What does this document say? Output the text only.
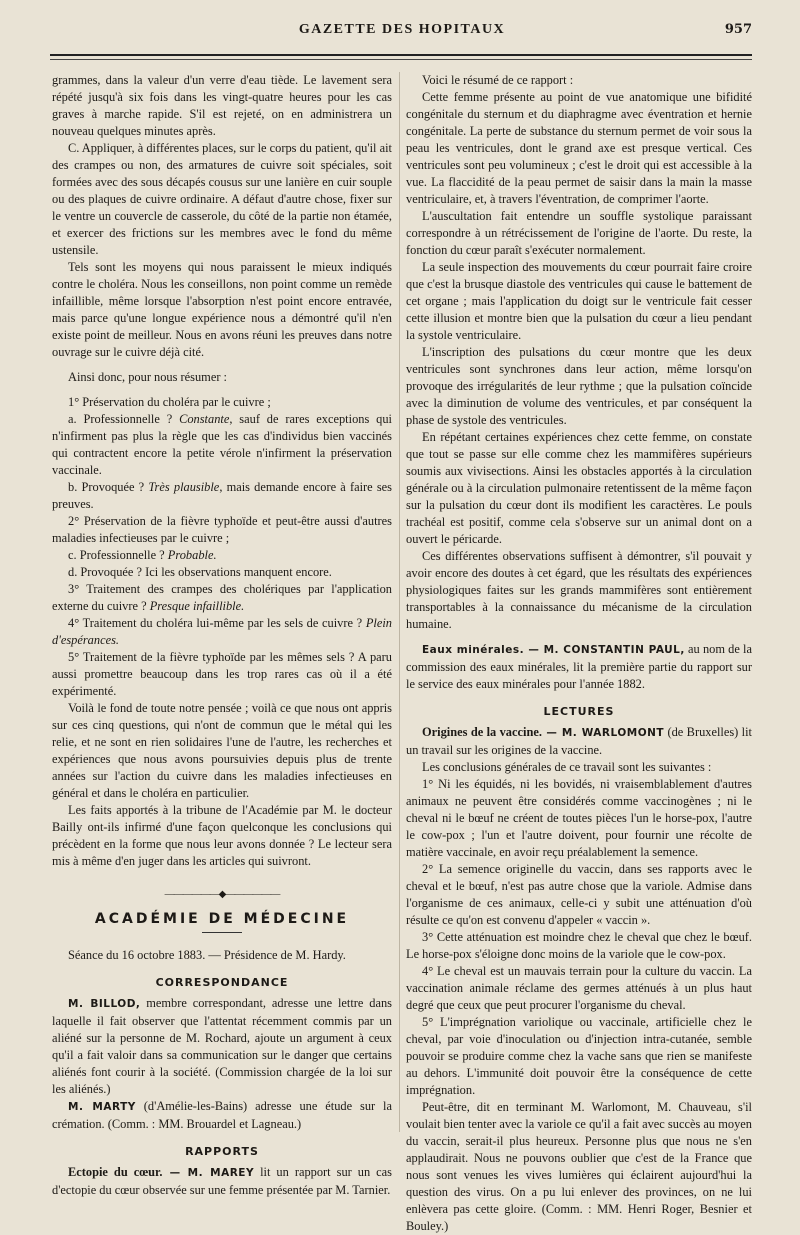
GAZETTE DES HOPITAUX	957

grammes, dans la valeur d'un verre d'eau tiède. Le lavement sera répété jusqu'à six fois dans les vingt-quatre heures pour les cas graves à marche rapide. S'il est rejeté, on en administrera un nouveau quelques minutes après.

C. Appliquer, à différentes places, sur le corps du patient, qu'il ait des crampes ou non, des armatures de cuivre soit spéciales, soit formées avec des sous décapés cousus sur une lanière en cuir souple ou des plaques de cuivre ordinaire. A défaut d'autre chose, fixer sur le ventre un couvercle de casserole, du côté de la partie non étamée, et exercer des frictions sur les membres avec le fond du même ustensile.

Tels sont les moyens qui nous paraissent le mieux indiqués contre le choléra. Nous les conseillons, non point comme un remède infaillible, même lorsque l'absorption n'est point encore entravée, mais parce qu'une longue expérience nous a démontré qu'il n'en existe point de meilleur. Nous en avons réuni les preuves dans notre ouvrage sur le cuivre déjà cité.

Ainsi donc, pour nous résumer :

1° Préservation du choléra par le cuivre ;

a. Professionnelle ? Constante, sauf de rares exceptions qui n'infirment pas plus la règle que les cas d'individus bien vaccinés qui contractent encore la petite vérole n'infirment la préservation vaccinale.

b. Provoquée ? Très plausible, mais demande encore à faire ses preuves.

2° Préservation de la fièvre typhoïde et peut-être aussi d'autres maladies infectieuses par le cuivre ;

c. Professionnelle ? Probable.

d. Provoquée ? Ici les observations manquent encore.

3° Traitement des crampes des cholériques par l'application externe du cuivre ? Presque infaillible.

4° Traitement du choléra lui-même par les sels de cuivre ? Plein d'espérances.

5° Traitement de la fièvre typhoïde par les mêmes sels ? A paru aussi promettre beaucoup dans les trop rares cas où il a été expérimenté.

Voilà le fond de toute notre pensée ; voilà ce que nous ont appris sur ces cinq questions, qui n'ont de commun que le métal qui les relie, et ne sont en rien solidaires l'une de l'autre, les recherches et expériences que nous avons poursuivies depuis plus de trente années sur l'action du cuivre dans les maladies infectieuses en général et dans le choléra en particulier.

Les faits apportés à la tribune de l'Académie par M. le docteur Bailly ont-ils infirmé d'une façon quelconque les conclusions qui précèdent en la forme que nous leur avons donnée ? Le lecteur sera mis à même d'en juger dans les articles qui suivront.

——————◆——————
ACADÉMIE DE MÉDECINE

Séance du 16 octobre 1883. — Présidence de M. Hardy.

CORRESPONDANCE

M. BILLOD, membre correspondant, adresse une lettre dans laquelle il fait observer que l'attentat récemment commis par un aliéné sur la personne de M. Rochard, ajoute un argument à ceux qu'il a fait valoir dans sa communication sur le danger que certains aliénés font courir à la société. (Commission chargée de la loi sur les aliénés.)

M. MARTY (d'Amélie-les-Bains) adresse une étude sur la crémation. (Comm. : MM. Brouardel et Lagneau.)

RAPPORTS

Ectopie du cœur. — M. MAREY lit un rapport sur un cas d'ectopie du cœur observée sur une femme présentée par M. Tarnier.

Voici le résumé de ce rapport :

Cette femme présente au point de vue anatomique une bifidité congénitale du sternum et du diaphragme avec éventration et hernie congénitale. La perte de substance du sternum permet de voir sous la peau les ventricules, dont le grand axe est presque vertical. Ces ventricules sont peu volumineux ; c'est le droit qui est accessible à la vue. La flaccidité de la peau permet de saisir dans la main la masse ventriculaire, et, à travers l'éventration, de comprimer l'aorte.

L'auscultation fait entendre un souffle systolique paraissant correspondre à un rétrécissement de l'origine de l'aorte. Du reste, la fonction du cœur paraît s'exécuter normalement.

La seule inspection des mouvements du cœur pourrait faire croire que c'est la brusque diastole des ventricules qui cause le battement de cet organe ; mais l'application du doigt sur le ventricule fait cesser cette illusion et montre bien que la pulsation du cœur a lieu pendant la systole ventriculaire.

L'inscription des pulsations du cœur montre que les deux ventricules sont synchrones dans leur action, même lorsqu'on provoque des irrégularités de leur rythme ; que la pulsation coïncide avec la diminution de volume des ventricules, et par conséquent la phase de systole des ventricules.

En répétant certaines expériences chez cette femme, on constate que tout se passe sur elle comme chez les mammifères supérieurs soumis aux vivisections. Ainsi les obstacles apportés à la circulation générale ou à la circulation pulmonaire retentissent de la même façon sur la pulsation du cœur dont ils modifient les caractères. Le pouls trachéal est positif, comme cela s'observe sur un animal dont on a ouvert le péricarde.

Ces différentes observations suffisent à démontrer, s'il pouvait y avoir encore des doutes à cet égard, que les résultats des expériences physiologiques faites sur les grands mammifères sont entièrement transportables à la connaissance du mécanisme de la circulation humaine.

Eaux minérales. — M. CONSTANTIN PAUL, au nom de la commission des eaux minérales, lit la première partie du rapport sur le service des eaux minérales pour l'année 1882.

LECTURES

Origines de la vaccine. — M. WARLOMONT (de Bruxelles) lit un travail sur les origines de la vaccine.

Les conclusions générales de ce travail sont les suivantes :

1° Ni les équidés, ni les bovidés, ni vraisemblablement d'autres animaux ne peuvent être considérés comme vaccinogènes ; ni le cheval ni le bœuf ne créent de toutes pièces l'un le horse-pox, l'autre le cow-pox ; l'un et l'autre doivent, pour fournir une récolte de matière vaccinale, en avoir reçu préalablement la semence.

2° La semence originelle du vaccin, dans ses rapports avec le cheval et le bœuf, n'est pas autre chose que la variole. Admise dans l'organisme de ces animaux, celle-ci y subit une atténuation d'où résulte ce qu'on est convenu d'appeler « vaccin ».

3° Cette atténuation est moindre chez le cheval que chez le bœuf. Le horse-pox s'éloigne donc moins de la variole que le cow-pox.

4° Le cheval est un mauvais terrain pour la culture du vaccin. La vaccination animale réclame des germes atténués à un plus haut degré que ceux que peut procurer l'organisme du cheval.

5° L'imprégnation variolique ou vaccinale, artificielle chez le cheval, par voie d'inoculation ou d'injection intra-cutanée, semble pouvoir se produire comme chez la vache sans que rien se manifeste au dehors. L'immunité doit pouvoir être la conséquence de cette imprégnation.

Peut-être, dit en terminant M. Warlomont, M. Chauveau, s'il voulait bien tenter avec la variole ce qu'il a fait avec succès au moyen du vaccin, serait-il plus heureux. Personne plus que nous ne s'en applaudirait. Nous ne pouvons oublier que c'est de la France que nous sont venues les vives lumières qui éclairent aujourd'hui la question des virus. On a pu lui enlever des provinces, on ne lui enlèvera pas cette gloire. (Comm. : MM. Henri Roger, Besnier et Bouley.)
